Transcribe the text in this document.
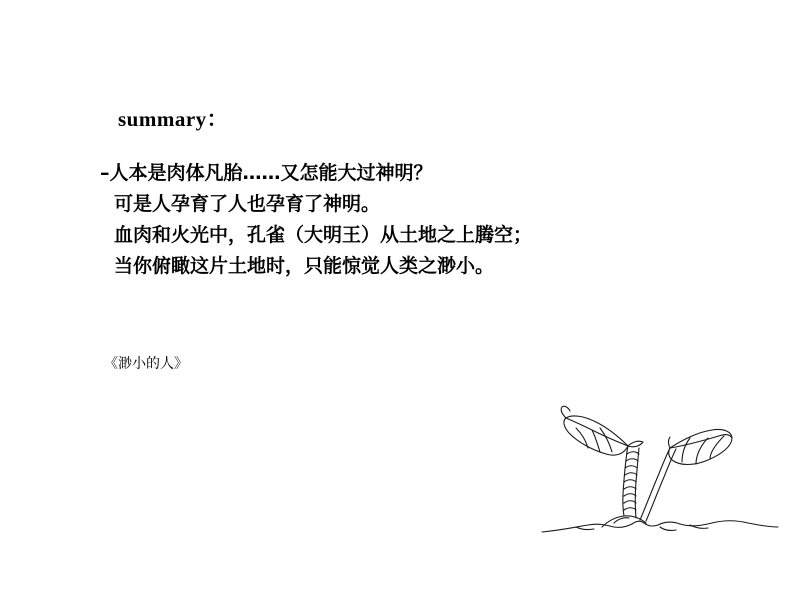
summary：
–人本是肉体凡胎……又怎能大过神明？
可是人孕育了人也孕育了神明。
血肉和火光中，孔雀（大明王）从土地之上腾空；
当你俯瞰这片土地时，只能惊觉人类之渺小。
《渺小的人》
